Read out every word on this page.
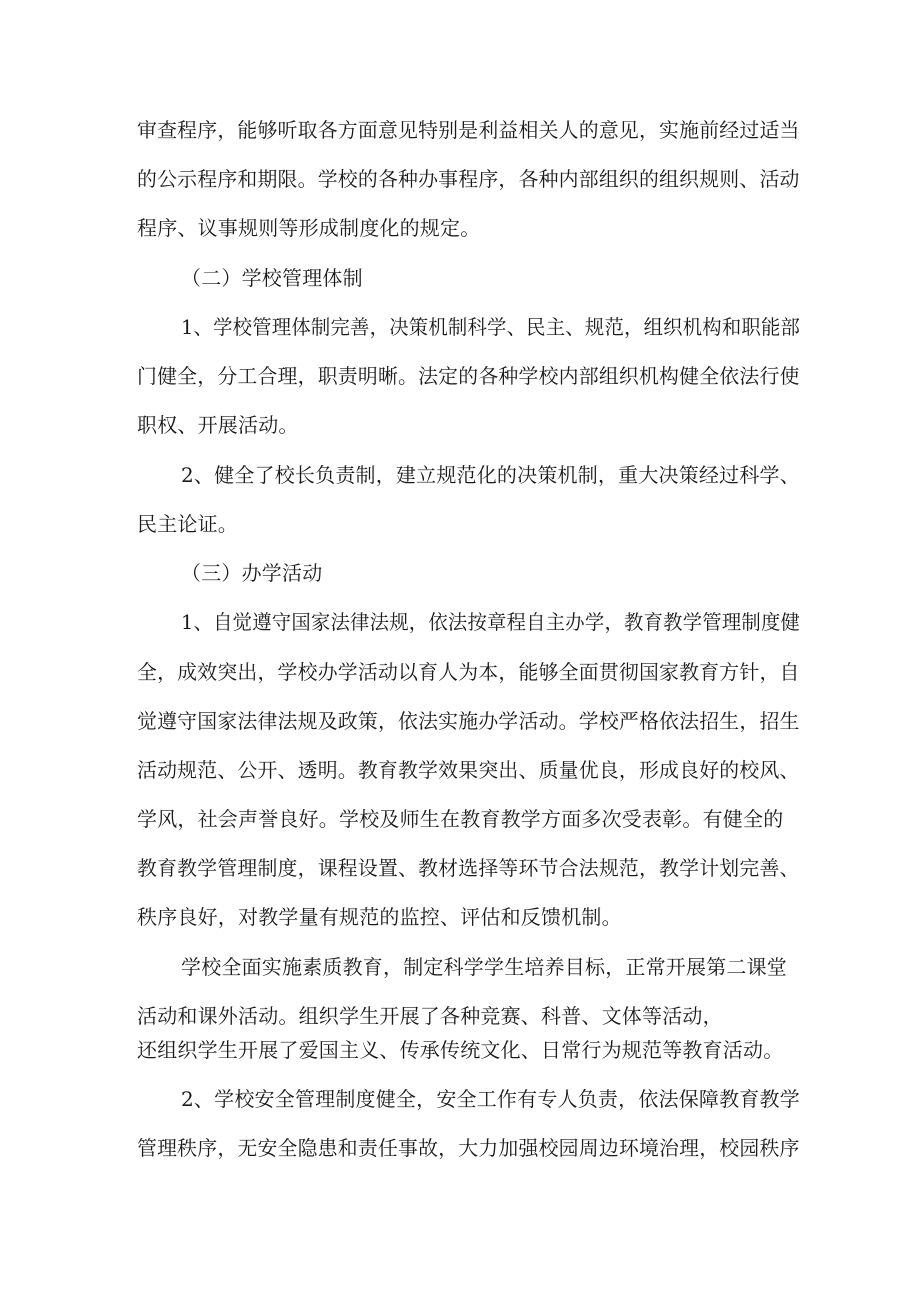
审查程序，能够听取各方面意见特别是利益相关人的意见，实施前经过适当
的公示程序和期限。学校的各种办事程序，各种内部组织的组织规则、活动
程序、议事规则等形成制度化的规定。
（二）学校管理体制
1、学校管理体制完善，决策机制科学、民主、规范，组织机构和职能部
门健全，分工合理，职责明晰。法定的各种学校内部组织机构健全依法行使
职权、开展活动。
2、健全了校长负责制，建立规范化的决策机制，重大决策经过科学、
民主论证。
（三）办学活动
1、自觉遵守国家法律法规，依法按章程自主办学，教育教学管理制度健
全，成效突出，学校办学活动以育人为本，能够全面贯彻国家教育方针，自
觉遵守国家法律法规及政策，依法实施办学活动。学校严格依法招生，招生
活动规范、公开、透明。教育教学效果突出、质量优良，形成良好的校风、
学风，社会声誉良好。学校及师生在教育教学方面多次受表彰。有健全的
教育教学管理制度，课程设置、教材选择等环节合法规范，教学计划完善、
秩序良好，对教学量有规范的监控、评估和反馈机制。
学校全面实施素质教育，制定科学学生培养目标，正常开展第二课堂
活动和课外活动。组织学生开展了各种竞赛、科普、文体等活动，
还组织学生开展了爱国主义、传承传统文化、日常行为规范等教育活动。
2、学校安全管理制度健全，安全工作有专人负责，依法保障教育教学
管理秩序，无安全隐患和责任事故，大力加强校园周边环境治理，校园秩序
